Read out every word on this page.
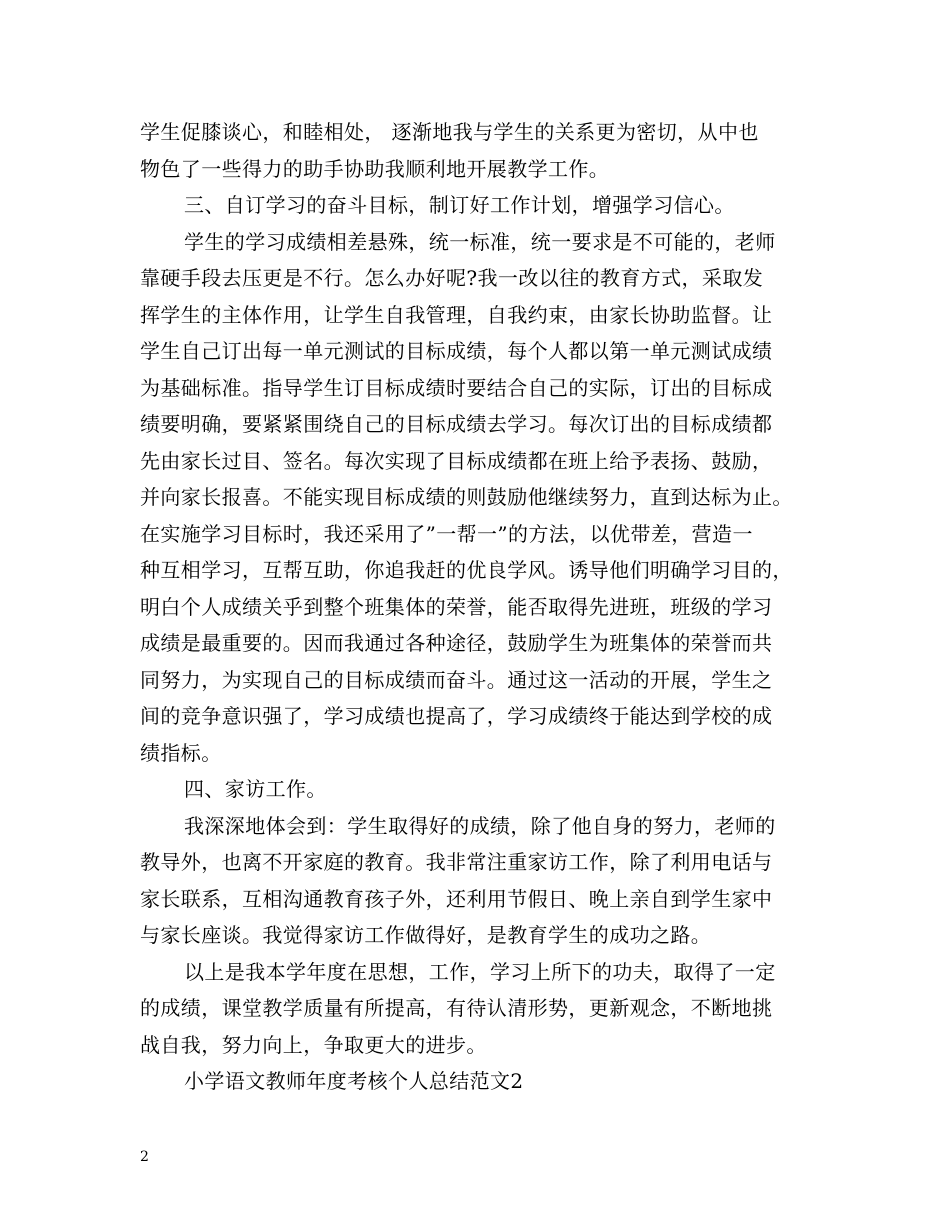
学生促膝谈心，和睦相处， 逐渐地我与学生的关系更为密切，从中也
物色了一些得力的助手协助我顺利地开展教学工作。
三、自订学习的奋斗目标，制订好工作计划，增强学习信心。
学生的学习成绩相差悬殊，统一标准，统一要求是不可能的，老师
靠硬手段去压更是不行。怎么办好呢?我一改以往的教育方式，采取发
挥学生的主体作用，让学生自我管理，自我约束，由家长协助监督。让
学生自己订出每一单元测试的目标成绩，每个人都以第一单元测试成绩
为基础标准。指导学生订目标成绩时要结合自己的实际，订出的目标成
绩要明确，要紧紧围绕自己的目标成绩去学习。每次订出的目标成绩都
先由家长过目、签名。每次实现了目标成绩都在班上给予表扬、鼓励，
并向家长报喜。不能实现目标成绩的则鼓励他继续努力，直到达标为止。
在实施学习目标时，我还采用了”一帮一”的方法，以优带差，营造一
种互相学习，互帮互助，你追我赶的优良学风。诱导他们明确学习目的，
明白个人成绩关乎到整个班集体的荣誉，能否取得先进班，班级的学习
成绩是最重要的。因而我通过各种途径，鼓励学生为班集体的荣誉而共
同努力，为实现自己的目标成绩而奋斗。通过这一活动的开展，学生之
间的竞争意识强了，学习成绩也提高了，学习成绩终于能达到学校的成
绩指标。
四、家访工作。
我深深地体会到：学生取得好的成绩，除了他自身的努力，老师的
教导外，也离不开家庭的教育。我非常注重家访工作，除了利用电话与
家长联系，互相沟通教育孩子外，还利用节假日、晚上亲自到学生家中
与家长座谈。我觉得家访工作做得好，是教育学生的成功之路。
以上是我本学年度在思想，工作，学习上所下的功夫，取得了一定
的成绩，课堂教学质量有所提高，有待认清形势，更新观念，不断地挑
战自我，努力向上，争取更大的进步。
小学语文教师年度考核个人总结范文2
2
